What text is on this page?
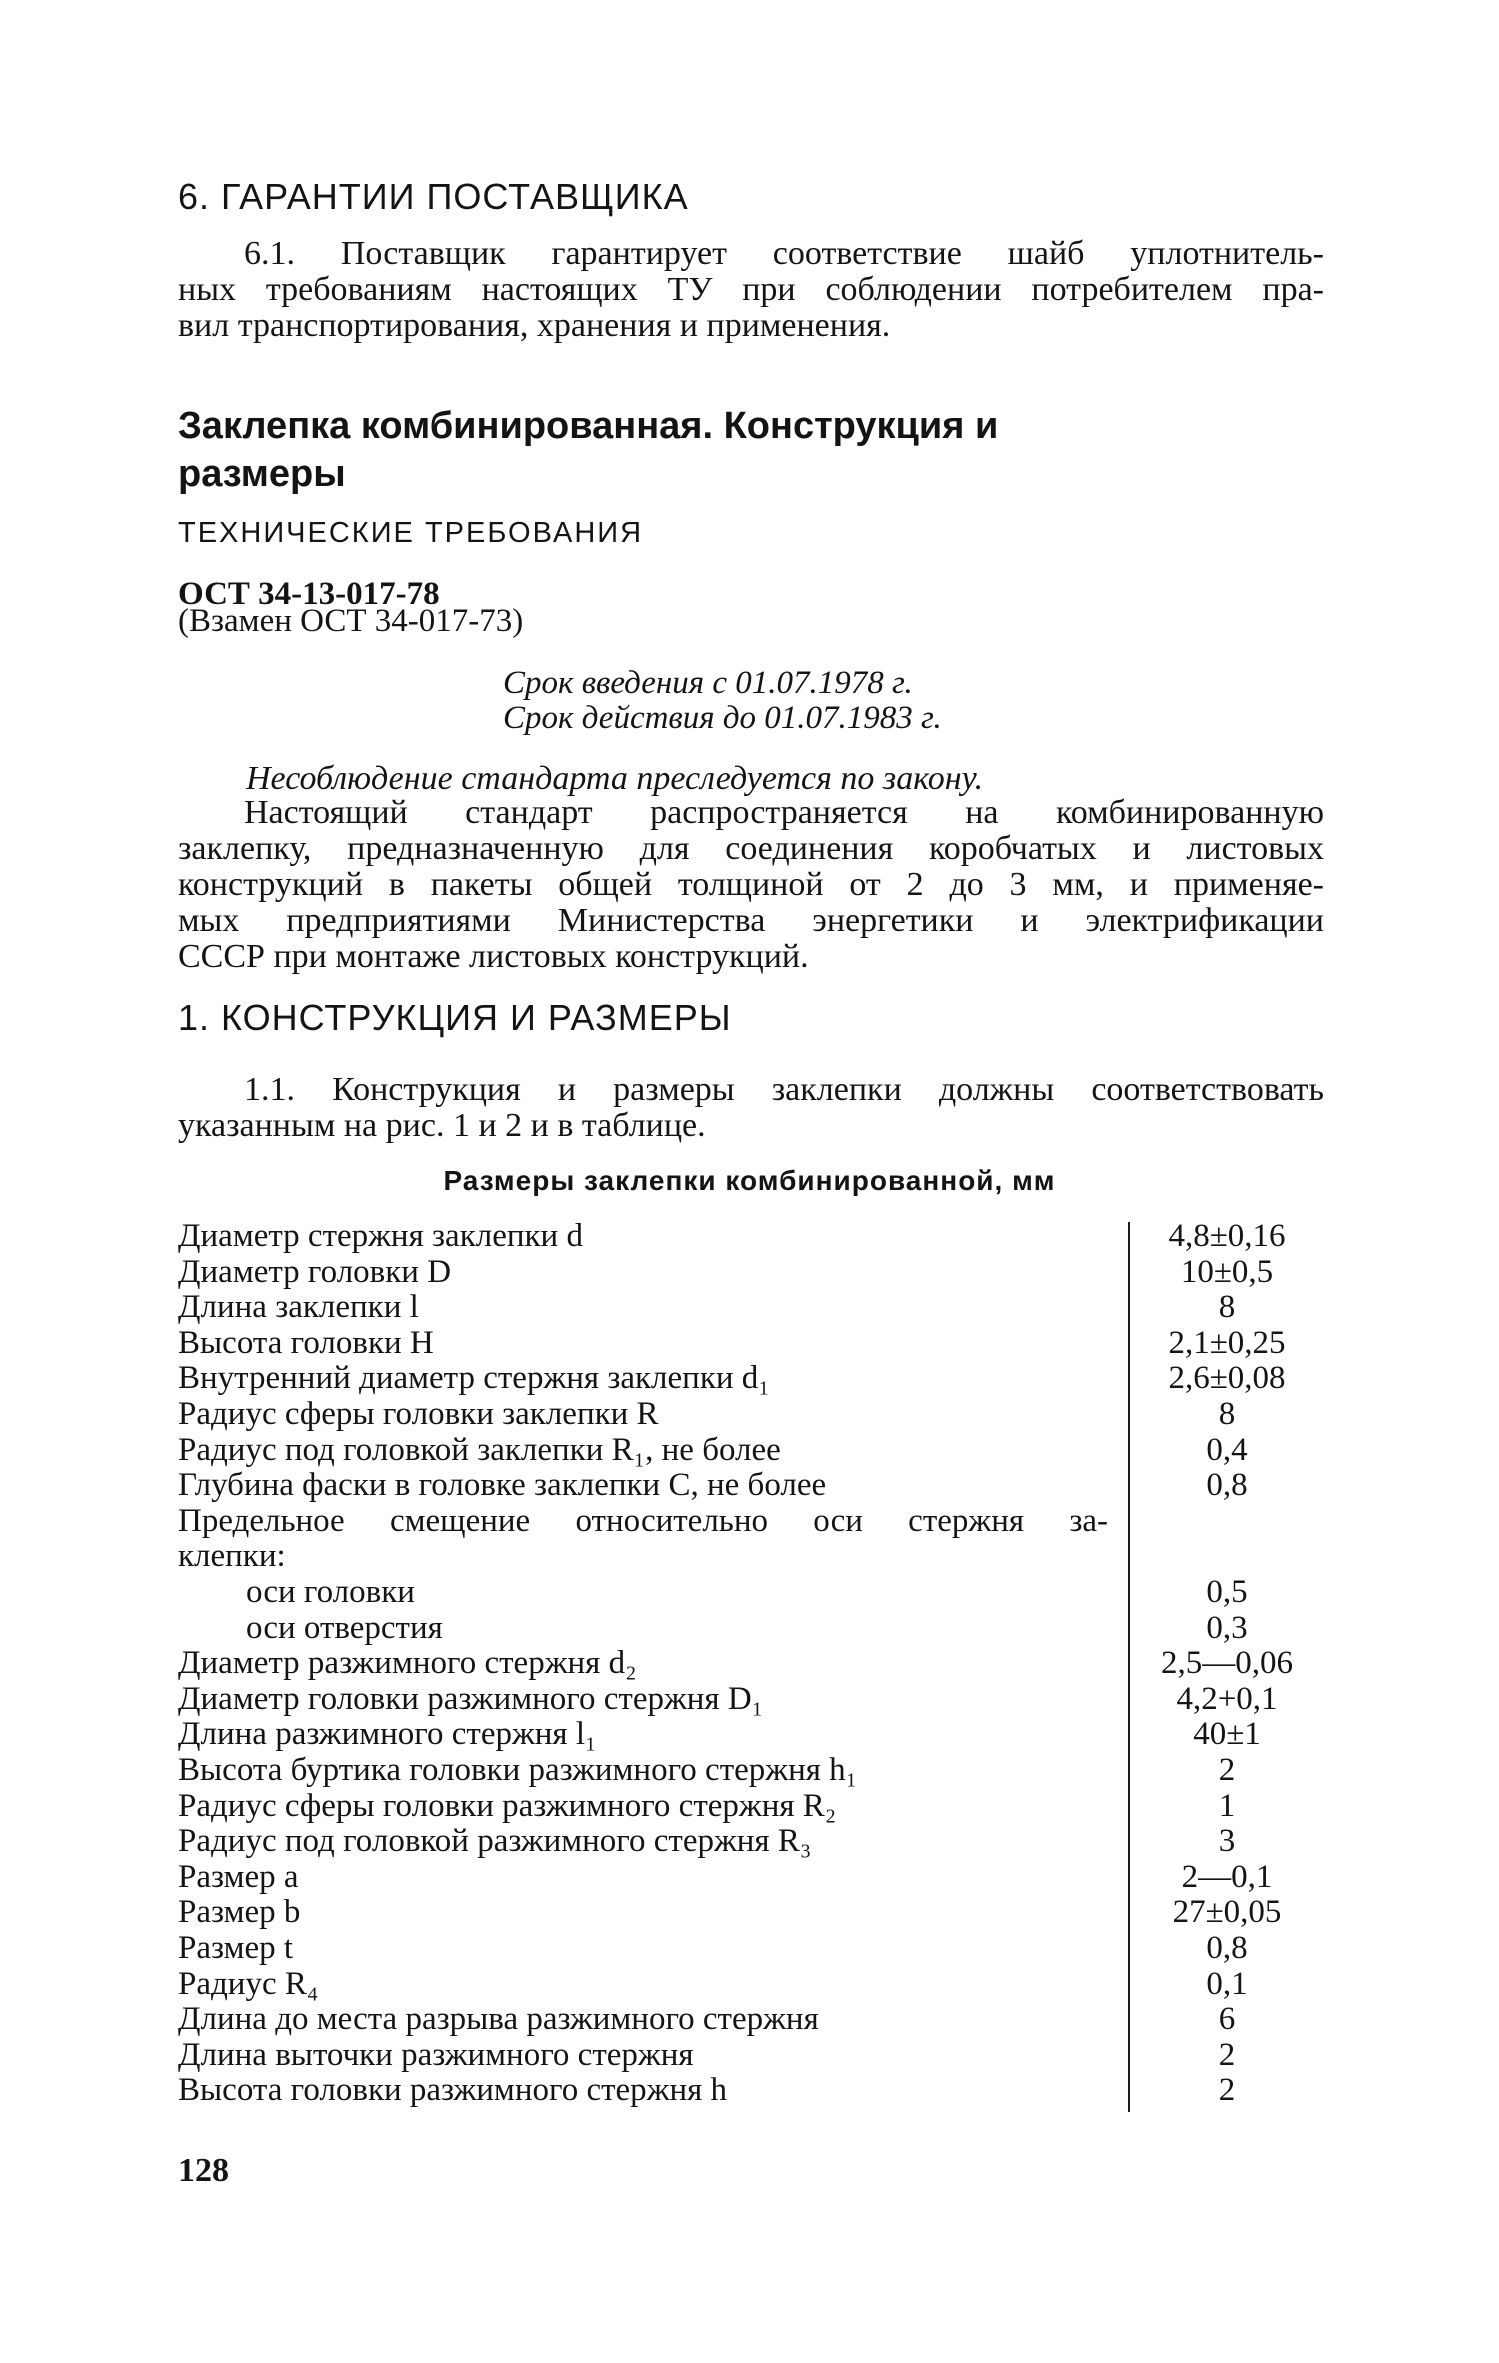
6. ГАРАНТИИ ПОСТАВЩИКА
6.1. Поставщик гарантирует соответствие шайб уплотнитель-
ных требованиям настоящих ТУ при соблюдении потребителем пра-
вил транспортирования, хранения и применения.
Заклепка комбинированная. Конструкция и размеры
ТЕХНИЧЕСКИЕ ТРЕБОВАНИЯ
ОСТ 34-13-017-78
(Взамен ОСТ 34-017-73)
Срок введения с 01.07.1978 г.
Срок действия до 01.07.1983 г.
Несоблюдение стандарта преследуется по закону.
Настоящий стандарт распространяется на комбинированную
заклепку, предназначенную для соединения коробчатых и листовых
конструкций в пакеты общей толщиной от 2 до 3 мм, и применяе-
мых предприятиями Министерства энергетики и электрификации
СССР при монтаже листовых конструкций.
1. КОНСТРУКЦИЯ И РАЗМЕРЫ
1.1. Конструкция и размеры заклепки должны соответствовать
указанным на рис. 1 и 2 и в таблице.
Размеры заклепки комбинированной, мм
Диаметр стержня заклепки d	4,8±0,16
Диаметр головки D	10±0,5
Длина заклепки l	8
Высота головки H	2,1±0,25
Внутренний диаметр стержня заклепки d₁	2,6±0,08
Радиус сферы головки заклепки R	8
Радиус под головкой заклепки R₁, не более	0,4
Глубина фаски в головке заклепки C, не более	0,8
Предельное смещение относительно оси стержня за-
клепки:
оси головки	0,5
оси отверстия	0,3
Диаметр разжимного стержня d₂	2,5—0,06
Диаметр головки разжимного стержня D₁	4,2+0,1
Длина разжимного стержня l₁	40±1
Высота буртика головки разжимного стержня h₁	2
Радиус сферы головки разжимного стержня R₂	1
Радиус под головкой разжимного стержня R₃	3
Размер a	2—0,1
Размер b	27±0,05
Размер t	0,8
Радиус R₄	0,1
Длина до места разрыва разжимного стержня	6
Длина выточки разжимного стержня	2
Высота головки разжимного стержня h	2
128
